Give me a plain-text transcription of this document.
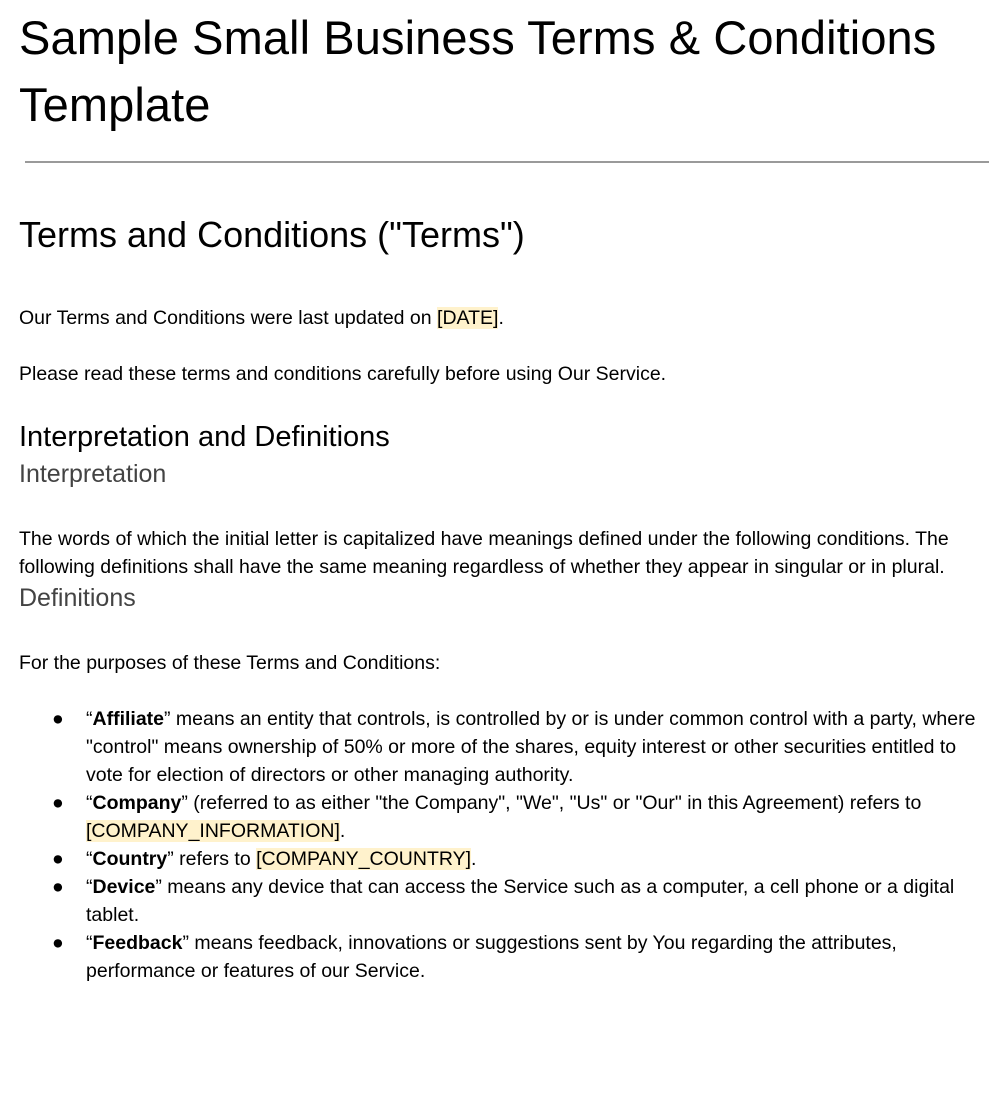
Sample Small Business Terms & Conditions Template
Terms and Conditions ("Terms")

Our Terms and Conditions were last updated on [DATE].

Please read these terms and conditions carefully before using Our Service.

Interpretation and Definitions
Interpretation

The words of which the initial letter is capitalized have meanings defined under the following conditions. The following definitions shall have the same meaning regardless of whether they appear in singular or in plural.

Definitions

For the purposes of these Terms and Conditions:

● “Affiliate” means an entity that controls, is controlled by or is under common control with a party, where "control" means ownership of 50% or more of the shares, equity interest or other securities entitled to vote for election of directors or other managing authority.
● “Company” (referred to as either "the Company", "We", "Us" or "Our" in this Agreement) refers to [COMPANY_INFORMATION].
● “Country” refers to [COMPANY_COUNTRY].
● “Device” means any device that can access the Service such as a computer, a cell phone or a digital tablet.
● “Feedback” means feedback, innovations or suggestions sent by You regarding the attributes, performance or features of our Service.
